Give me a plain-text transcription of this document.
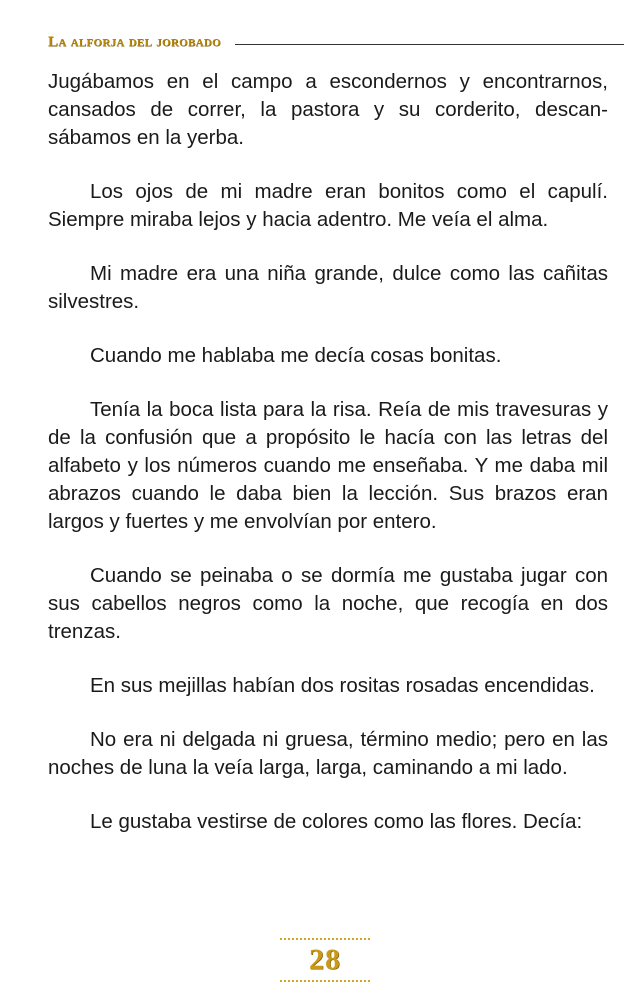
La alforja del jorobado

Jugábamos en el campo a escondernos y encontrarnos, cansados de correr, la pastora y su corderito, descansábamos en la yerba.

Los ojos de mi madre eran bonitos como el capulí. Siempre miraba lejos y hacia adentro. Me veía el alma.

Mi madre era una niña grande, dulce como las cañitas silvestres.

Cuando me hablaba me decía cosas bonitas.

Tenía la boca lista para la risa. Reía de mis travesuras y de la confusión que a propósito le hacía con las letras del alfabeto y los números cuando me enseñaba. Y me daba mil abrazos cuando le daba bien la lección. Sus brazos eran largos y fuertes y me envolvían por entero.

Cuando se peinaba o se dormía me gustaba jugar con sus cabellos negros como la noche, que recogía en dos trenzas.

En sus mejillas habían dos rositas rosadas encendidas.

No era ni delgada ni gruesa, término medio; pero en las noches de luna la veía larga, larga, caminando a mi lado.

Le gustaba vestirse de colores como las flores. Decía:

28
